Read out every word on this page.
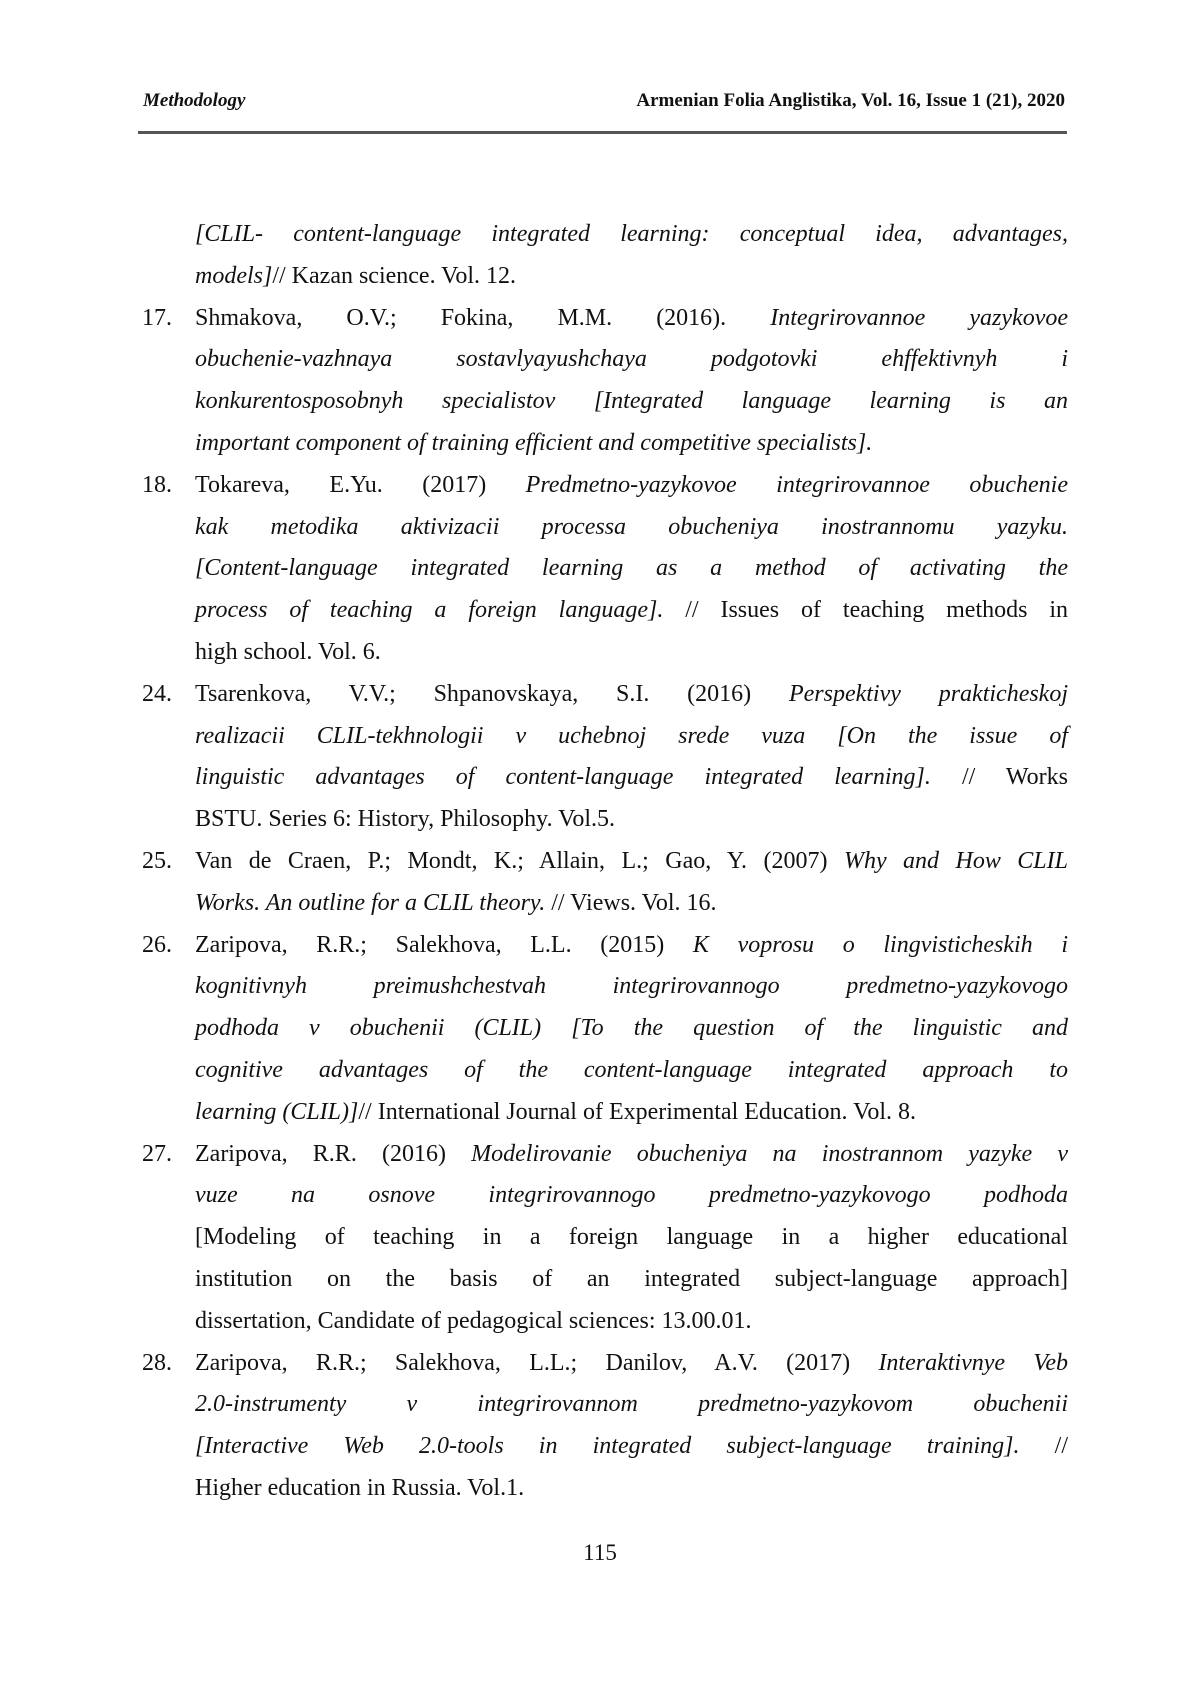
Methodology	Armenian Folia Anglistika, Vol. 16, Issue 1 (21), 2020
[CLIL- content-language integrated learning: conceptual idea, advantages,
models]// Kazan science. Vol. 12.
17. Shmakova, O.V.; Fokina, M.M. (2016). Integrirovannoe yazykovoe
obuchenie-vazhnaya sostavlyayushchaya podgotovki ehffektivnyh i
konkurentosposobnyh specialistov [Integrated language learning is an
important component of training efficient and competitive specialists].
18. Tokareva, E.Yu. (2017) Predmetno-yazykovoe integrirovannoe obuchenie
kak metodika aktivizacii processa obucheniya inostrannomu yazyku.
[Content-language integrated learning as a method of activating the
process of teaching a foreign language]. // Issues of teaching methods in
high school. Vol. 6.
24. Tsarenkova, V.V.; Shpanovskaya, S.I. (2016) Perspektivy prakticheskoj
realizacii CLIL-tekhnologii v uchebnoj srede vuza [On the issue of
linguistic advantages of content-language integrated learning]. // Works
BSTU. Series 6: History, Philosophy. Vol.5.
25. Van de Craen, P.; Mondt, K.; Allain, L.; Gao, Y. (2007) Why and How CLIL
Works. An outline for a CLIL theory. // Views. Vol. 16.
26. Zaripova, R.R.; Salekhova, L.L. (2015) K voprosu o lingvisticheskih i
kognitivnyh preimushchestvah integrirovannogo predmetno-yazykovogo
podhoda v obuchenii (CLIL) [To the question of the linguistic and
cognitive advantages of the content-language integrated approach to
learning (CLIL)]// International Journal of Experimental Education. Vol. 8.
27. Zaripova, R.R. (2016) Modelirovanie obucheniya na inostrannom yazyke v
vuze na osnove integrirovannogo predmetno-yazykovogo podhoda
[Modeling of teaching in a foreign language in a higher educational
institution on the basis of an integrated subject-language approach]
dissertation, Candidate of pedagogical sciences: 13.00.01.
28. Zaripova, R.R.; Salekhova, L.L.; Danilov, A.V. (2017) Interaktivnye Veb
2.0-instrumenty v integrirovannom predmetno-yazykovom obuchenii
[Interactive Web 2.0-tools in integrated subject-language training]. //
Higher education in Russia. Vol.1.
115
